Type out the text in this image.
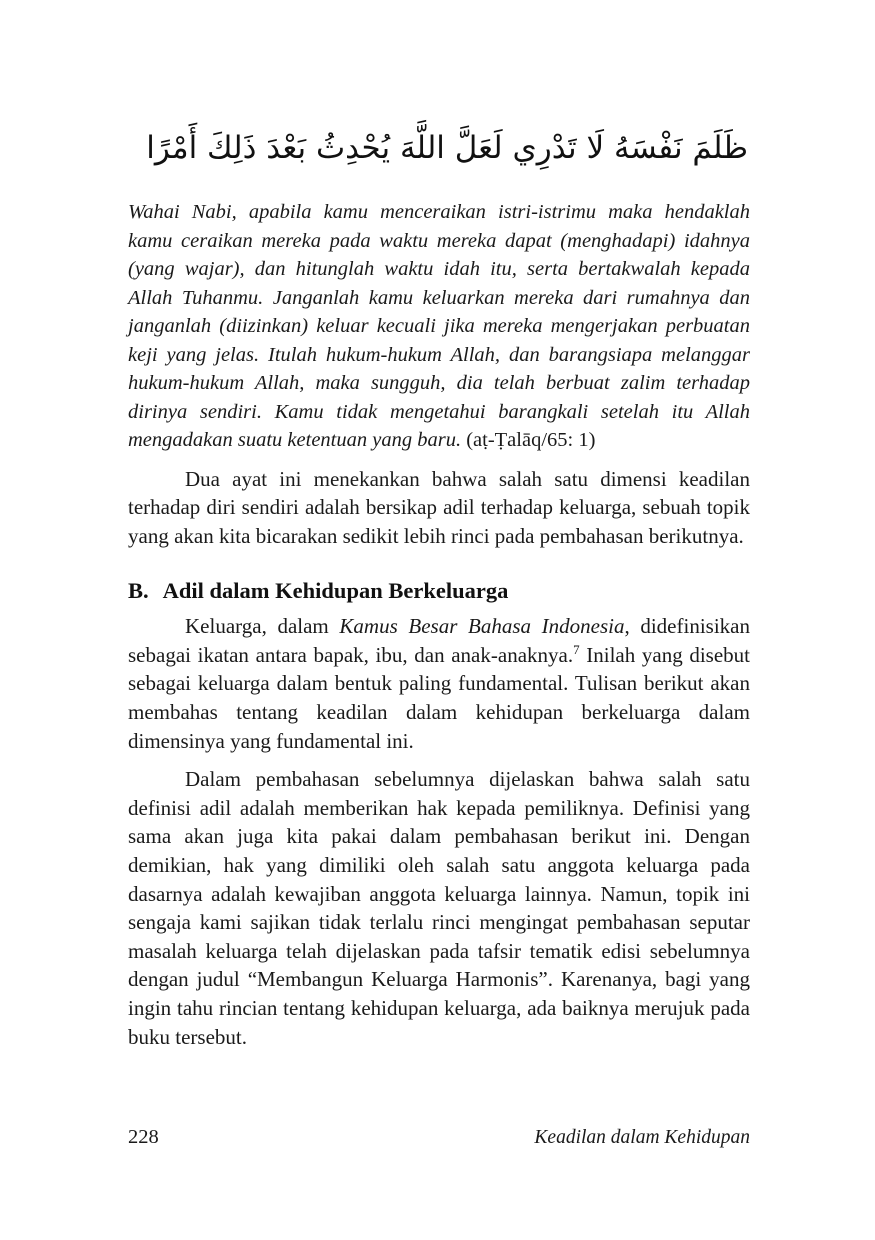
ظَلَمَ نَفْسَهُ لَا تَدْرِي لَعَلَّ اللَّهَ يُحْدِثُ بَعْدَ ذَلِكَ أَمْرًا

Wahai Nabi, apabila kamu menceraikan istri-istrimu maka hendaklah kamu ceraikan mereka pada waktu mereka dapat (menghadapi) idahnya (yang wajar), dan hitunglah waktu idah itu, serta bertakwalah kepada Allah Tuhanmu. Janganlah kamu keluarkan mereka dari rumahnya dan janganlah (diizinkan) keluar kecuali jika mereka mengerjakan perbuatan keji yang jelas. Itulah hukum-hukum Allah, dan barangsiapa melanggar hukum-hukum Allah, maka sungguh, dia telah berbuat zalim terhadap dirinya sendiri. Kamu tidak mengetahui barangkali setelah itu Allah mengadakan suatu ketentuan yang baru. (aṭ-Ṭalāq/65: 1)

Dua ayat ini menekankan bahwa salah satu dimensi keadilan terhadap diri sendiri adalah bersikap adil terhadap keluarga, sebuah topik yang akan kita bicarakan sedikit lebih rinci pada pembahasan berikutnya.

B. Adil dalam Kehidupan Berkeluarga

Keluarga, dalam Kamus Besar Bahasa Indonesia, didefinisikan sebagai ikatan antara bapak, ibu, dan anak-anaknya.$^7$ Inilah yang disebut sebagai keluarga dalam bentuk paling fundamental. Tulisan berikut akan membahas tentang keadilan dalam kehidupan berkeluarga dalam dimensinya yang fundamental ini.

Dalam pembahasan sebelumnya dijelaskan bahwa salah satu definisi adil adalah memberikan hak kepada pemiliknya. Definisi yang sama akan juga kita pakai dalam pembahasan berikut ini. Dengan demikian, hak yang dimiliki oleh salah satu anggota keluarga pada dasarnya adalah kewajiban anggota keluarga lainnya. Namun, topik ini sengaja kami sajikan tidak terlalu rinci mengingat pembahasan seputar masalah keluarga telah dijelaskan pada tafsir tematik edisi sebelumnya dengan judul “Membangun Keluarga Harmonis”. Karenanya, bagi yang ingin tahu rincian tentang kehidupan keluarga, ada baiknya merujuk pada buku tersebut.

228	Keadilan dalam Kehidupan
